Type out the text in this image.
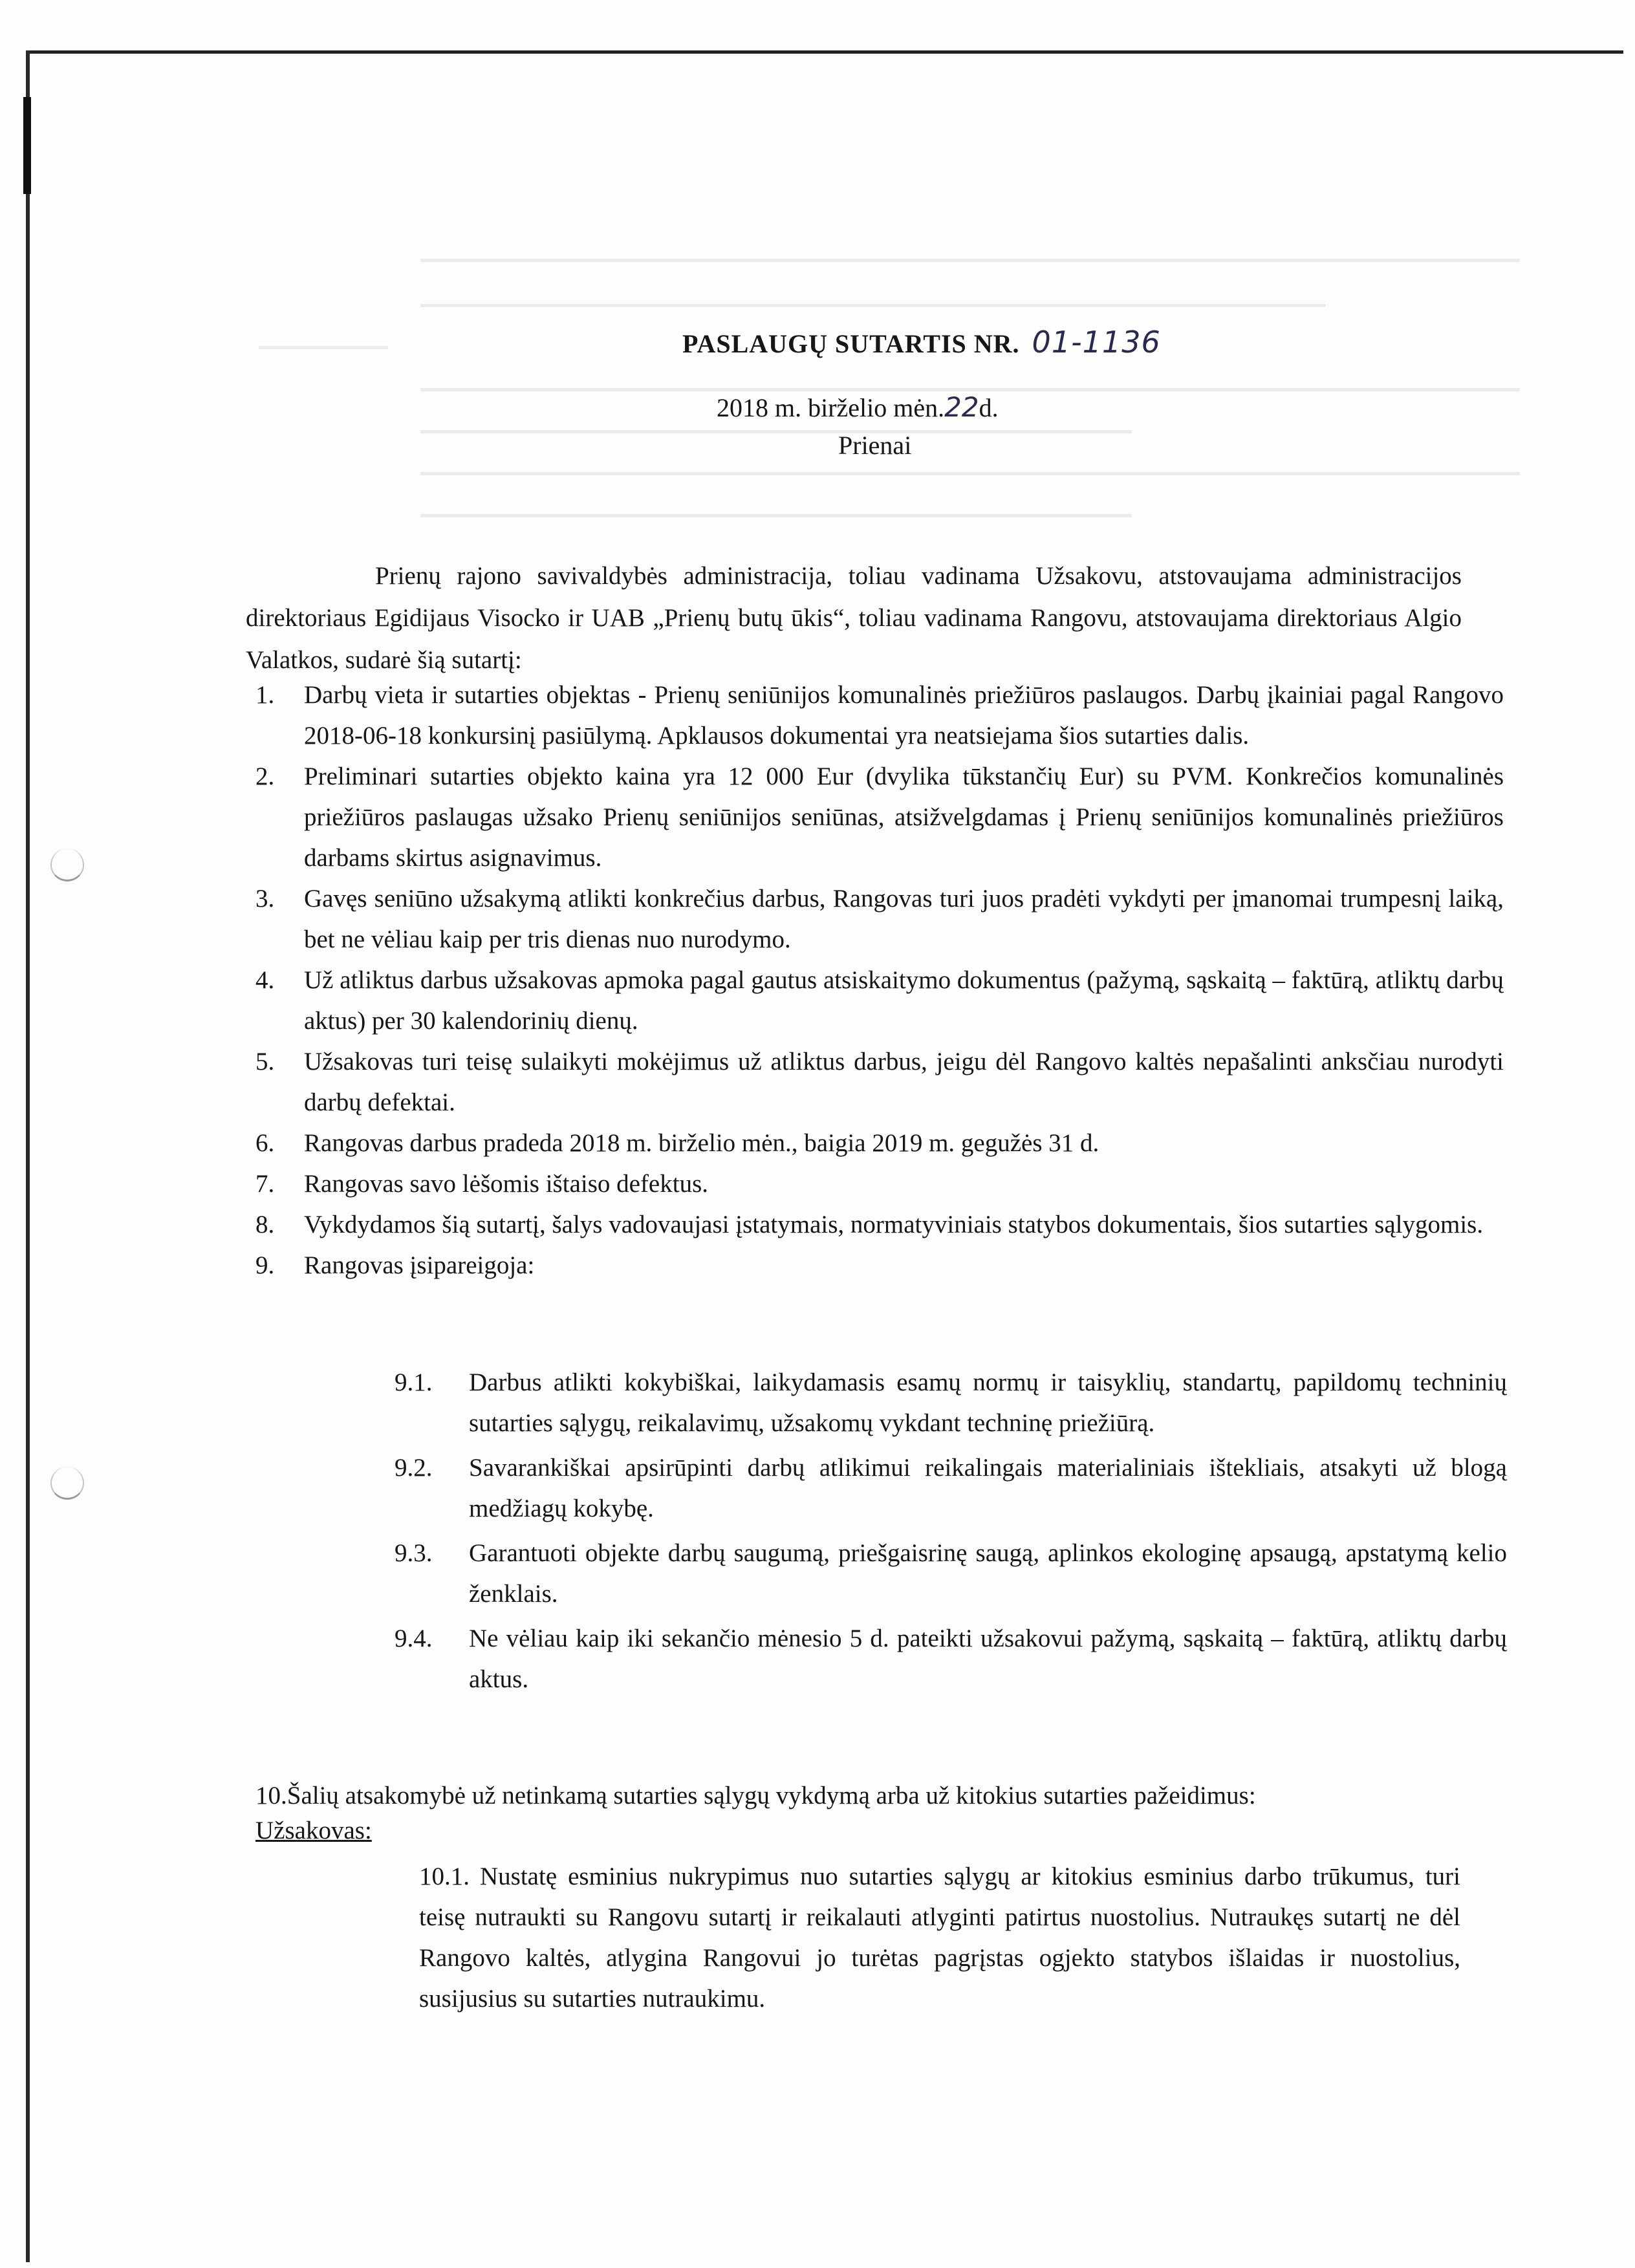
PASLAUGŲ SUTARTIS NR. 01-1136
2018 m. birželio mėn.22d.
Prienai
Prienų rajono savivaldybės administracija, toliau vadinama Užsakovu, atstovaujama administracijos direktoriaus Egidijaus Visocko ir UAB „Prienų butų ūkis“, toliau vadinama Rangovu, atstovaujama direktoriaus Algio Valatkos, sudarė šią sutartį:
1. Darbų vieta ir sutarties objektas - Prienų seniūnijos komunalinės priežiūros paslaugos. Darbų įkainiai pagal Rangovo 2018-06-18 konkursinį pasiūlymą. Apklausos dokumentai yra neatsiejama šios sutarties dalis.
2. Preliminari sutarties objekto kaina yra 12 000 Eur (dvylika tūkstančių Eur) su PVM. Konkrečios komunalinės priežiūros paslaugas užsako Prienų seniūnijos seniūnas, atsižvelgdamas į Prienų seniūnijos komunalinės priežiūros darbams skirtus asignavimus.
3. Gavęs seniūno užsakymą atlikti konkrečius darbus, Rangovas turi juos pradėti vykdyti per įmanomai trumpesnį laiką, bet ne vėliau kaip per tris dienas nuo nurodymo.
4. Už atliktus darbus užsakovas apmoka pagal gautus atsiskaitymo dokumentus (pažymą, sąskaitą – faktūrą, atliktų darbų aktus) per 30 kalendorinių dienų.
5. Užsakovas turi teisę sulaikyti mokėjimus už atliktus darbus, jeigu dėl Rangovo kaltės nepašalinti anksčiau nurodyti darbų defektai.
6. Rangovas darbus pradeda 2018 m. birželio mėn., baigia 2019 m. gegužės 31 d.
7. Rangovas savo lėšomis ištaiso defektus.
8. Vykdydamos šią sutartį, šalys vadovaujasi įstatymais, normatyviniais statybos dokumentais, šios sutarties sąlygomis.
9. Rangovas įsipareigoja:
9.1. Darbus atlikti kokybiškai, laikydamasis esamų normų ir taisyklių, standartų, papildomų techninių sutarties sąlygų, reikalavimų, užsakomų vykdant techninę priežiūrą.
9.2. Savarankiškai apsirūpinti darbų atlikimui reikalingais materialiniais ištekliais, atsakyti už blogą medžiagų kokybę.
9.3. Garantuoti objekte darbų saugumą, priešgaisrinę saugą, aplinkos ekologinę apsaugą, apstatymą kelio ženklais.
9.4. Ne vėliau kaip iki sekančio mėnesio 5 d. pateikti užsakovui pažymą, sąskaitą – faktūrą, atliktų darbų aktus.
10.Šalių atsakomybė už netinkamą sutarties sąlygų vykdymą arba už kitokius sutarties pažeidimus:
Užsakovas:
10.1. Nustatę esminius nukrypimus nuo sutarties sąlygų ar kitokius esminius darbo trūkumus, turi teisę nutraukti su Rangovu sutartį ir reikalauti atlyginti patirtus nuostolius. Nutraukęs sutartį ne dėl Rangovo kaltės, atlygina Rangovui jo turėtas pagrįstas ogjekto statybos išlaidas ir nuostolius, susijusius su sutarties nutraukimu.
